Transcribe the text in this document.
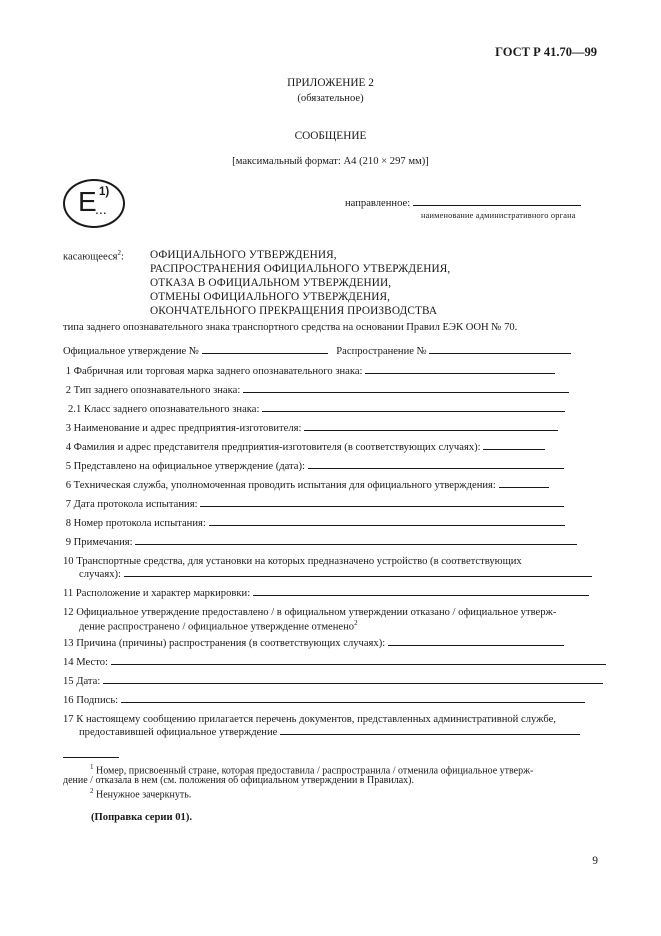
ГОСТ Р 41.70—99
ПРИЛОЖЕНИЕ 2
(обязательное)
СООБЩЕНИЕ
[максимальный формат: А4 (210 × 297 мм)]
E 1)
...	направленное:
наименование административного органа
касающееся$^2$: ОФИЦИАЛЬНОГО УТВЕРЖДЕНИЯ,
РАСПРОСТРАНЕНИЯ ОФИЦИАЛЬНОГО УТВЕРЖДЕНИЯ,
ОТКАЗА В ОФИЦИАЛЬНОМ УТВЕРЖДЕНИИ,
ОТМЕНЫ ОФИЦИАЛЬНОГО УТВЕРЖДЕНИЯ,
ОКОНЧАТЕЛЬНОГО ПРЕКРАЩЕНИЯ ПРОИЗВОДСТВА
типа заднего опознавательного знака транспортного средства на основании Правил ЕЭК ООН № 70.
Официальное утверждение №	Распространение №
1 Фабричная или торговая марка заднего опознавательного знака:
2 Тип заднего опознавательного знака:
2.1 Класс заднего опознавательного знака:
3 Наименование и адрес предприятия-изготовителя:
4 Фамилия и адрес представителя предприятия-изготовителя (в соответствующих случаях):
5 Представлено на официальное утверждение (дата):
6 Техническая служба, уполномоченная проводить испытания для официального утверждения:
7 Дата протокола испытания:
8 Номер протокола испытания:
9 Примечания:
10 Транспортные средства, для установки на которых предназначено устройство (в соответствующих
случаях):
11 Расположение и характер маркировки:
12 Официальное утверждение предоставлено / в официальном утверждении отказано / официальное утверж-
дение распространено / официальное утверждение отменено$^2$
13 Причина (причины) распространения (в соответствующих случаях):
14 Место:
15 Дата:
16 Подпись:
17 К настоящему сообщению прилагается перечень документов, представленных административной службе,
предоставившей официальное утверждение
$^1$ Номер, присвоенный стране, которая предоставила / распространила / отменила официальное утверж-
дение / отказала в нем (см. положения об официальном утверждении в Правилах).
$^2$ Ненужное зачеркнуть.
(Поправка серии 01).
9
